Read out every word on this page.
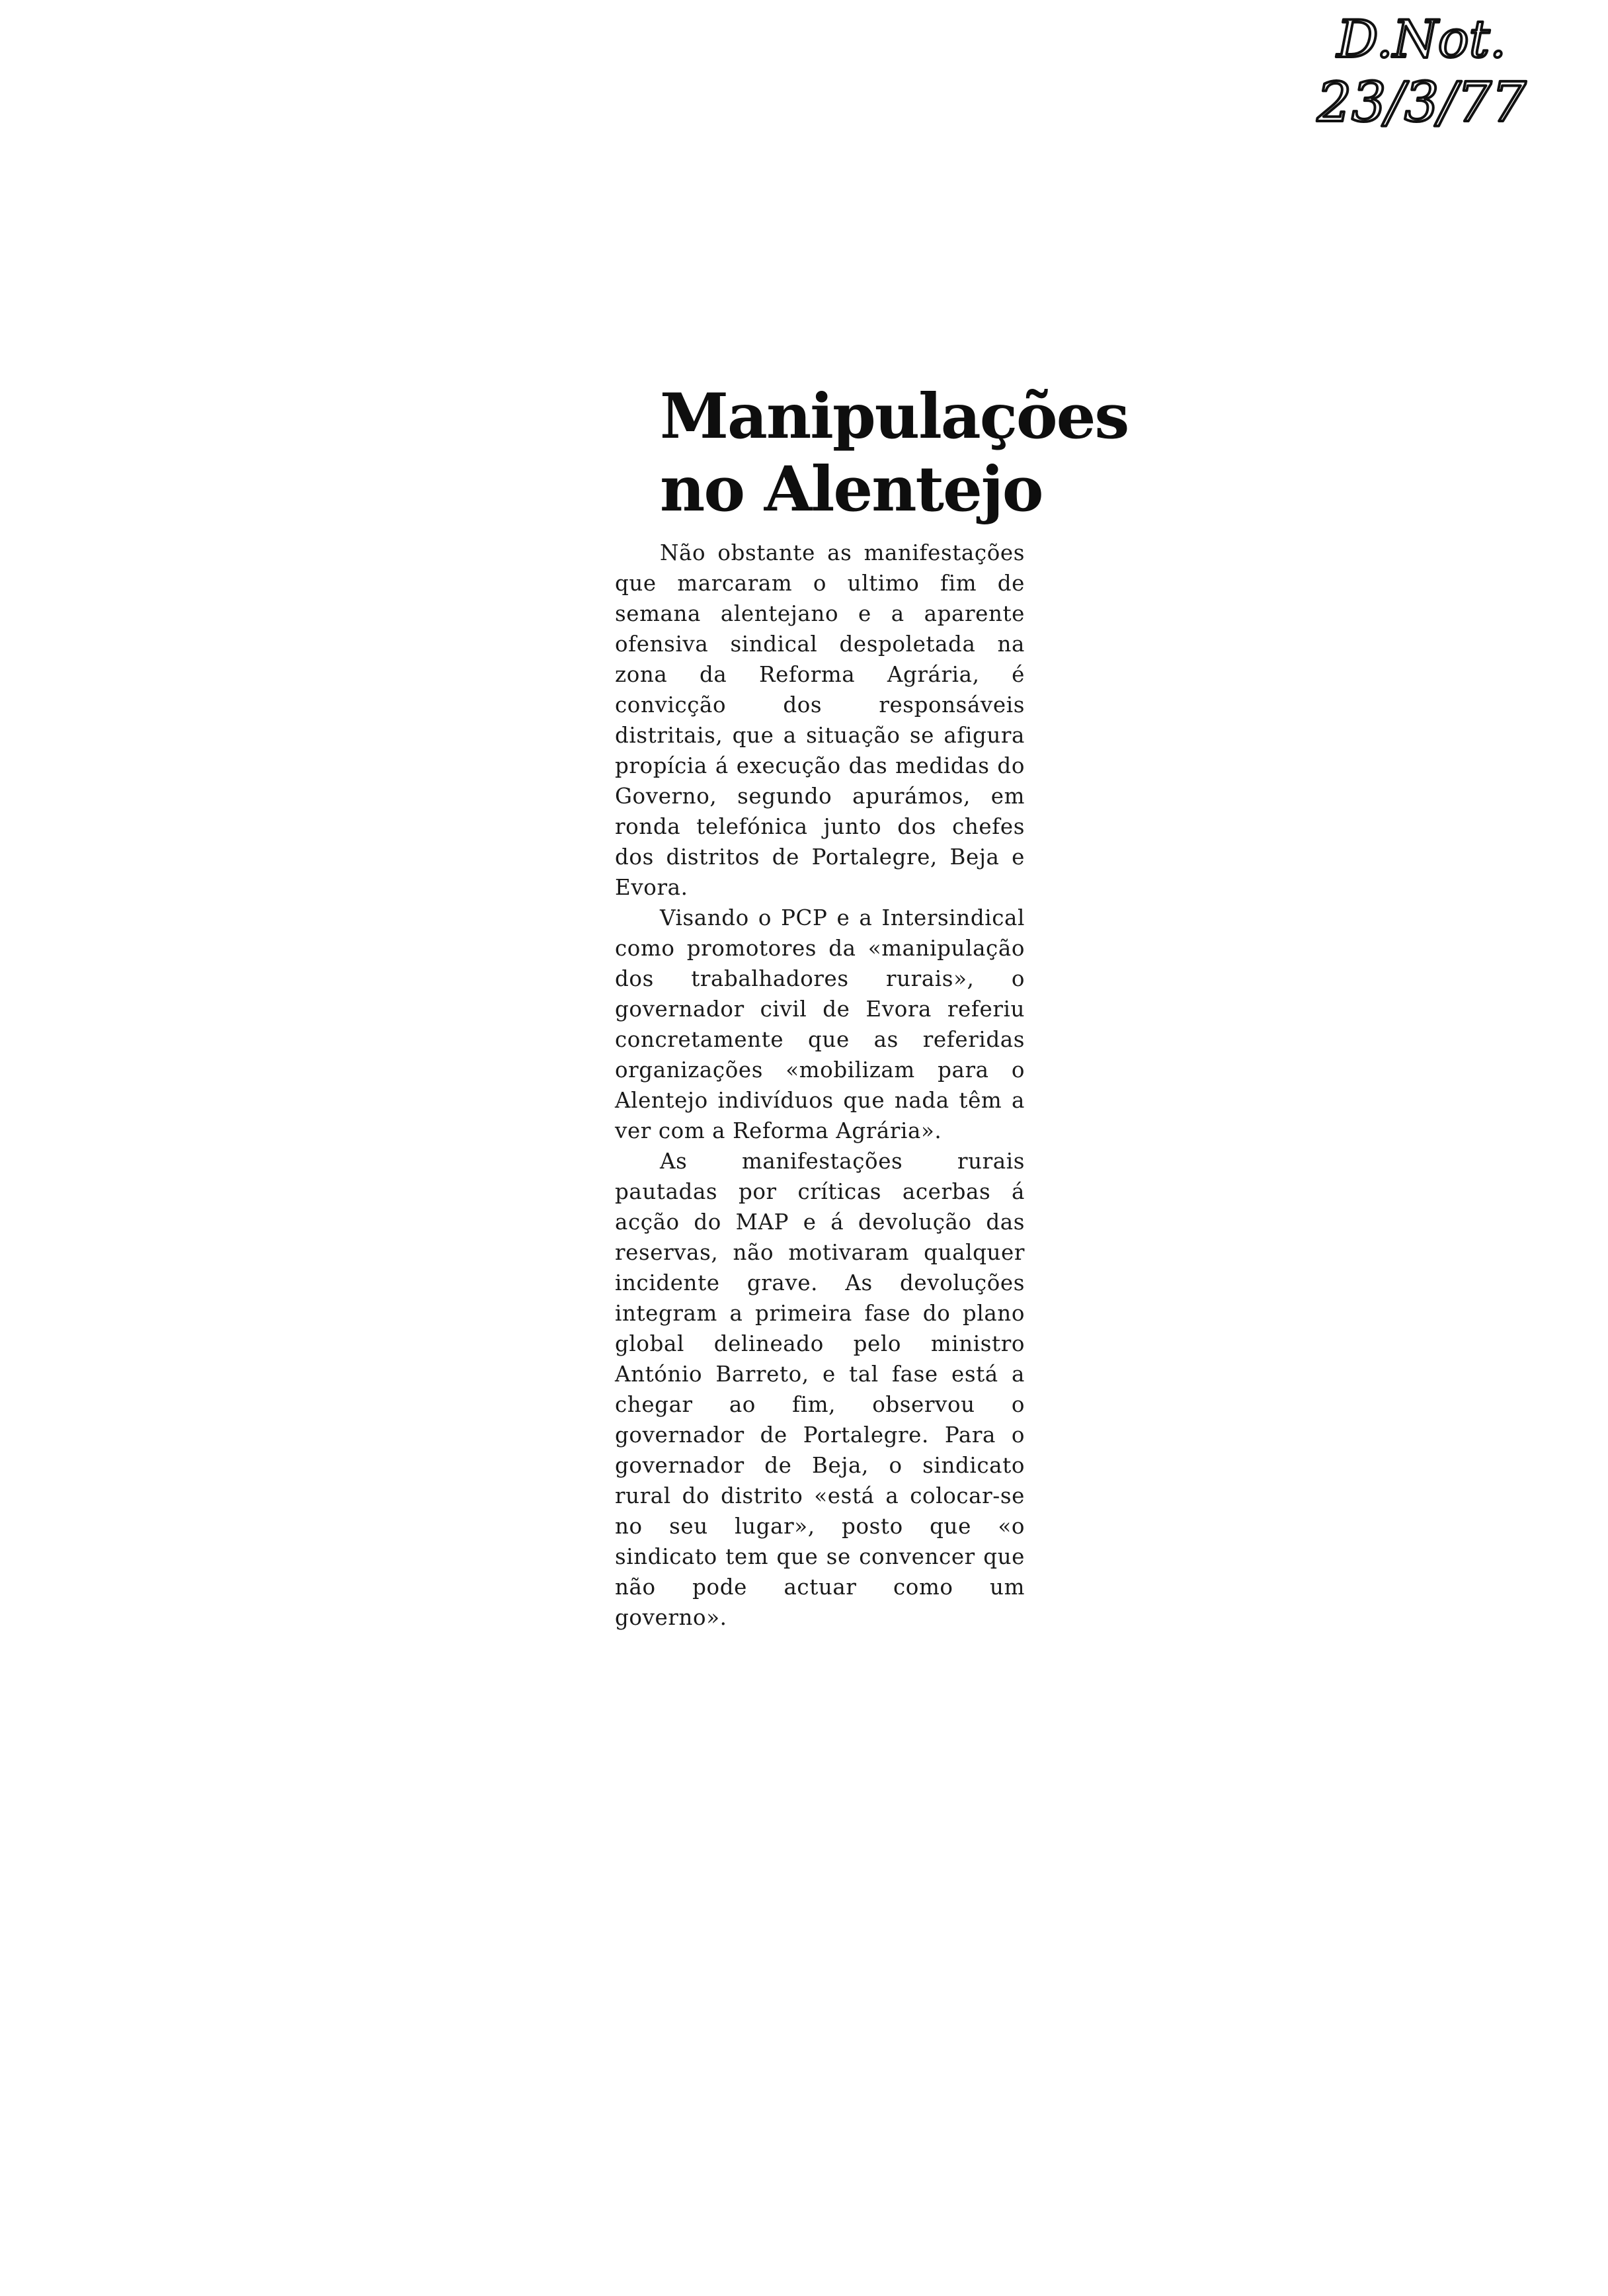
D.Not.
23/3/77
Manipulações
no Alentejo

Não obstante as manifestações que marcaram o ultimo fim de semana alentejano e a aparente ofensiva sindical despoletada na zona da Reforma Agrária, é convicção dos responsáveis distritais, que a situação se afigura propícia á execução das medidas do Governo, segundo apurámos, em ronda telefónica junto dos chefes dos distritos de Portalegre, Beja e Evora.

Visando o PCP e a Intersindical como promotores da «manipulação dos trabalhadores rurais», o governador civil de Evora referiu concretamente que as referidas organizações «mobilizam para o Alentejo indivíduos que nada têm a ver com a Reforma Agrária».

As manifestações rurais pautadas por críticas acerbas á acção do MAP e á devolução das reservas, não motivaram qualquer incidente grave. As devoluções integram a primeira fase do plano global delineado pelo ministro António Barreto, e tal fase está a chegar ao fim, observou o governador de Portalegre. Para o governador de Beja, o sindicato rural do distrito «está a colocar-se no seu lugar», posto que «o sindicato tem que se convencer que não pode actuar como um governo».
